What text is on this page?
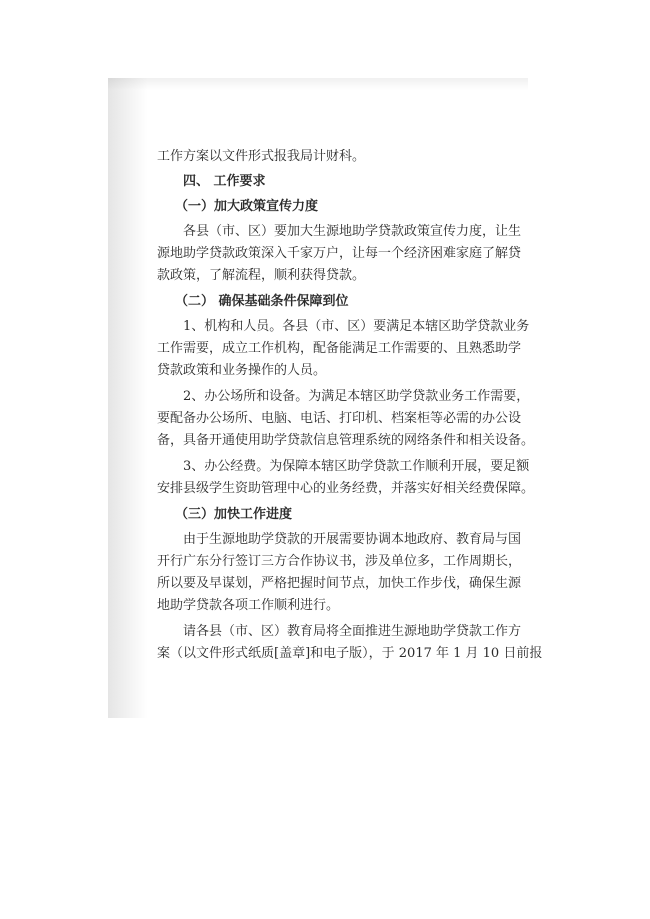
工作方案以文件形式报我局计财科。
四、 工作要求
（一）加大政策宣传力度
各县（市、区）要加大生源地助学贷款政策宣传力度，让生
源地助学贷款政策深入千家万户，让每一个经济困难家庭了解贷
款政策，了解流程，顺利获得贷款。
（二） 确保基础条件保障到位
1、机构和人员。各县（市、区）要满足本辖区助学贷款业务
工作需要，成立工作机构，配备能满足工作需要的、且熟悉助学
贷款政策和业务操作的人员。
2、办公场所和设备。为满足本辖区助学贷款业务工作需要，
要配备办公场所、电脑、电话、打印机、档案柜等必需的办公设
备，具备开通使用助学贷款信息管理系统的网络条件和相关设备。
3、办公经费。为保障本辖区助学贷款工作顺利开展，要足额
安排县级学生资助管理中心的业务经费，并落实好相关经费保障。
（三）加快工作进度
由于生源地助学贷款的开展需要协调本地政府、教育局与国
开行广东分行签订三方合作协议书，涉及单位多，工作周期长，
所以要及早谋划，严格把握时间节点，加快工作步伐，确保生源
地助学贷款各项工作顺利进行。
请各县（市、区）教育局将全面推进生源地助学贷款工作方
案（以文件形式纸质[盖章]和电子版），于 2017 年 1 月 10 日前报
